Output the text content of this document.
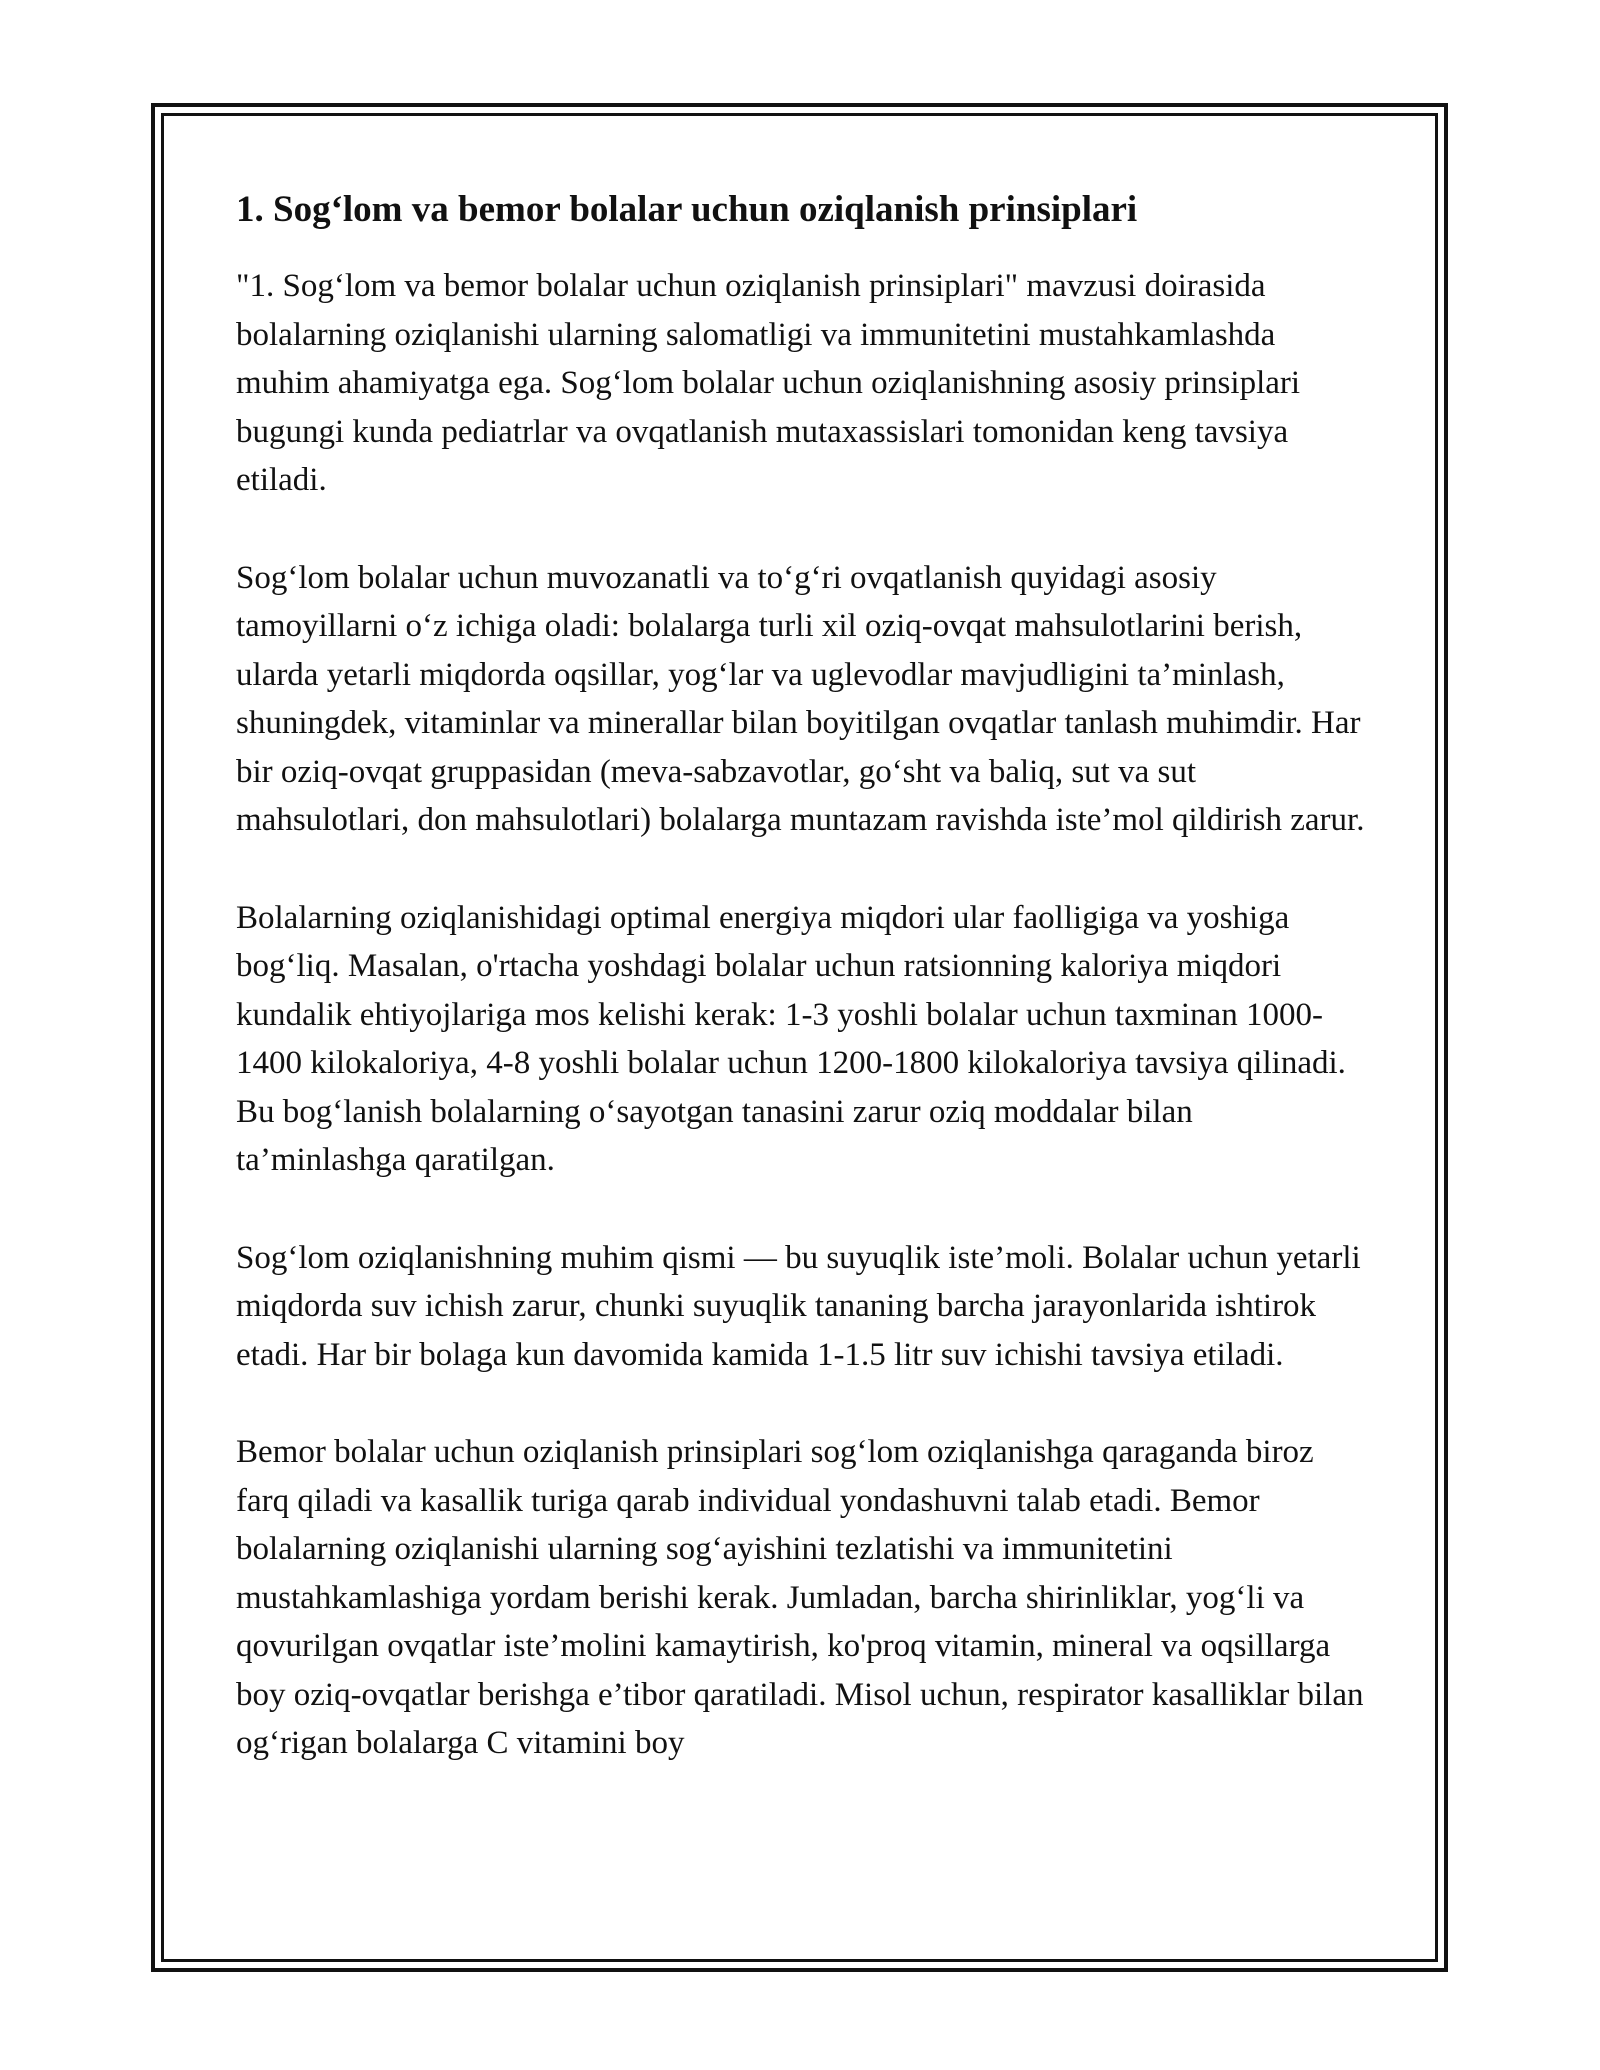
1. Sog‘lom va bemor bolalar uchun oziqlanish prinsiplari

"1. Sog‘lom va bemor bolalar uchun oziqlanish prinsiplari" mavzusi doirasida bolalarning oziqlanishi ularning salomatligi va immunitetini mustahkamlashda muhim ahamiyatga ega. Sog‘lom bolalar uchun oziqlanishning asosiy prinsiplari bugungi kunda pediatrlar va ovqatlanish mutaxassislari tomonidan keng tavsiya etiladi.

Sog‘lom bolalar uchun muvozanatli va to‘g‘ri ovqatlanish quyidagi asosiy tamoyillarni o‘z ichiga oladi: bolalarga turli xil oziq-ovqat mahsulotlarini berish, ularda yetarli miqdorda oqsillar, yog‘lar va uglevodlar mavjudligini ta’minlash, shuningdek, vitaminlar va minerallar bilan boyitilgan ovqatlar tanlash muhimdir. Har bir oziq-ovqat gruppasidan (meva-sabzavotlar, go‘sht va baliq, sut va sut mahsulotlari, don mahsulotlari) bolalarga muntazam ravishda iste’mol qildirish zarur.

Bolalarning oziqlanishidagi optimal energiya miqdori ular faolligiga va yoshiga bog‘liq. Masalan, o'rtacha yoshdagi bolalar uchun ratsionning kaloriya miqdori kundalik ehtiyojlariga mos kelishi kerak: 1-3 yoshli bolalar uchun taxminan 1000-1400 kilokaloriya, 4-8 yoshli bolalar uchun 1200-1800 kilokaloriya tavsiya qilinadi. Bu bog‘lanish bolalarning o‘sayotgan tanasini zarur oziq moddalar bilan ta’minlashga qaratilgan.

Sog‘lom oziqlanishning muhim qismi — bu suyuqlik iste’moli. Bolalar uchun yetarli miqdorda suv ichish zarur, chunki suyuqlik tananing barcha jarayonlarida ishtirok etadi. Har bir bolaga kun davomida kamida 1-1.5 litr suv ichishi tavsiya etiladi.

Bemor bolalar uchun oziqlanish prinsiplari sog‘lom oziqlanishga qaraganda biroz farq qiladi va kasallik turiga qarab individual yondashuvni talab etadi. Bemor bolalarning oziqlanishi ularning sog‘ayishini tezlatishi va immunitetini mustahkamlashiga yordam berishi kerak. Jumladan, barcha shirinliklar, yog‘li va qovurilgan ovqatlar iste’molini kamaytirish, ko'proq vitamin, mineral va oqsillarga boy oziq-ovqatlar berishga e’tibor qaratiladi. Misol uchun, respirator kasalliklar bilan og‘rigan bolalarga C vitamini boy
